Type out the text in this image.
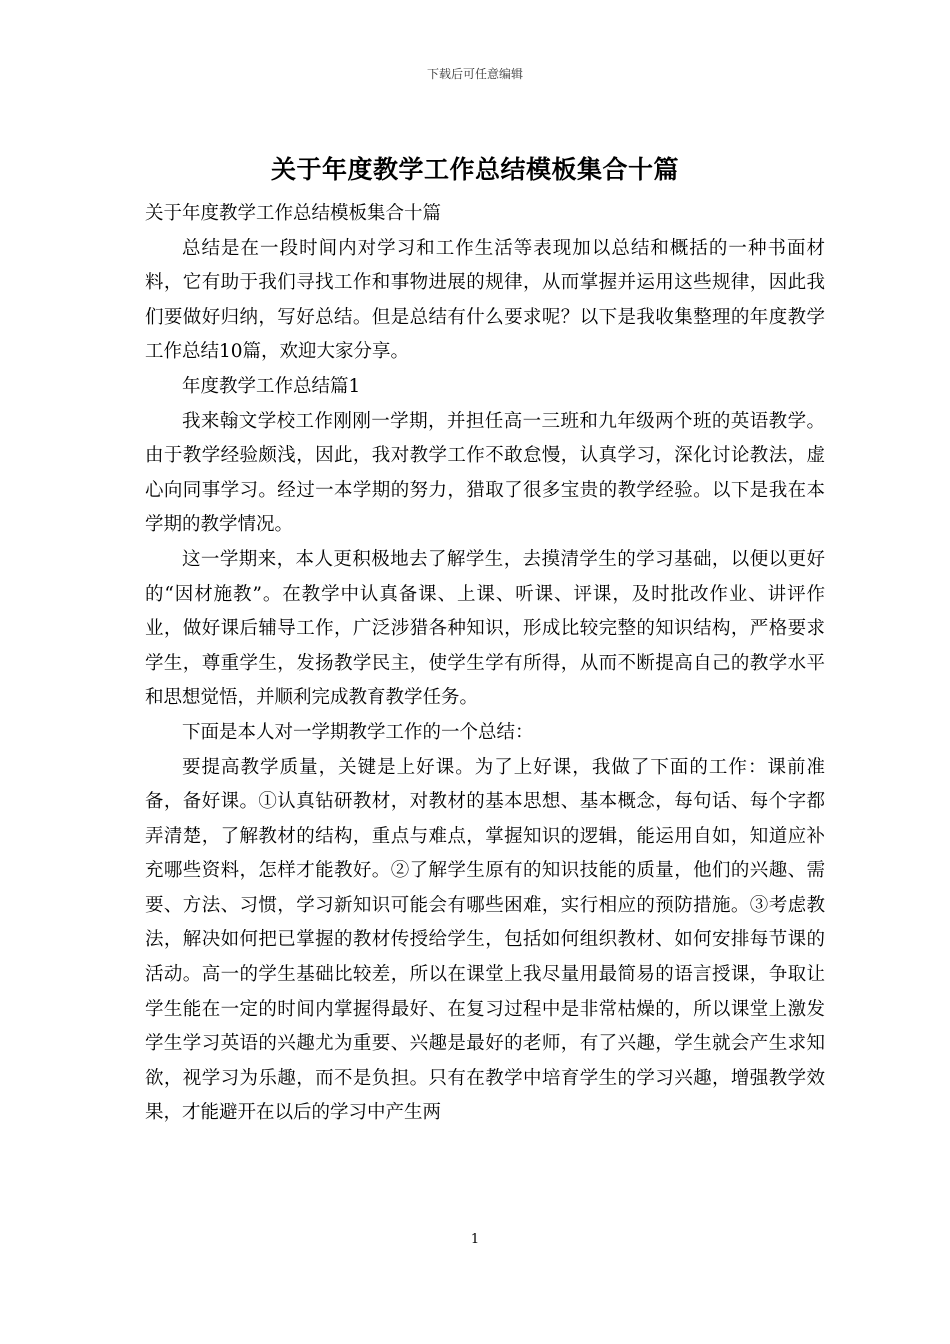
下载后可任意编辑
关于年度教学工作总结模板集合十篇

关于年度教学工作总结模板集合十篇

总结是在一段时间内对学习和工作生活等表现加以总结和概括的一种书面材料，它有助于我们寻找工作和事物进展的规律，从而掌握并运用这些规律，因此我们要做好归纳，写好总结。但是总结有什么要求呢？以下是我收集整理的年度教学工作总结10篇，欢迎大家分享。

年度教学工作总结篇1

我来翰文学校工作刚刚一学期，并担任高一三班和九年级两个班的英语教学。由于教学经验颇浅，因此，我对教学工作不敢怠慢，认真学习，深化讨论教法，虚心向同事学习。经过一本学期的努力，猎取了很多宝贵的教学经验。以下是我在本学期的教学情况。

这一学期来，本人更积极地去了解学生，去摸清学生的学习基础，以便以更好的“因材施教”。在教学中认真备课、上课、听课、评课，及时批改作业、讲评作业，做好课后辅导工作，广泛涉猎各种知识，形成比较完整的知识结构，严格要求学生，尊重学生，发扬教学民主，使学生学有所得，从而不断提高自己的教学水平和思想觉悟，并顺利完成教育教学任务。

下面是本人对一学期教学工作的一个总结：

要提高教学质量，关键是上好课。为了上好课，我做了下面的工作：课前准备，备好课。①认真钻研教材，对教材的基本思想、基本概念，每句话、每个字都弄清楚，了解教材的结构，重点与难点，掌握知识的逻辑，能运用自如，知道应补充哪些资料，怎样才能教好。②了解学生原有的知识技能的质量，他们的兴趣、需要、方法、习惯，学习新知识可能会有哪些困难，实行相应的预防措施。③考虑教法，解决如何把已掌握的教材传授给学生，包括如何组织教材、如何安排每节课的活动。高一的学生基础比较差，所以在课堂上我尽量用最简易的语言授课，争取让学生能在一定的时间内掌握得最好、在复习过程中是非常枯燥的，所以课堂上激发学生学习英语的兴趣尤为重要、兴趣是最好的老师，有了兴趣，学生就会产生求知欲，视学习为乐趣，而不是负担。只有在教学中培育学生的学习兴趣，增强教学效果，才能避开在以后的学习中产生两

1
